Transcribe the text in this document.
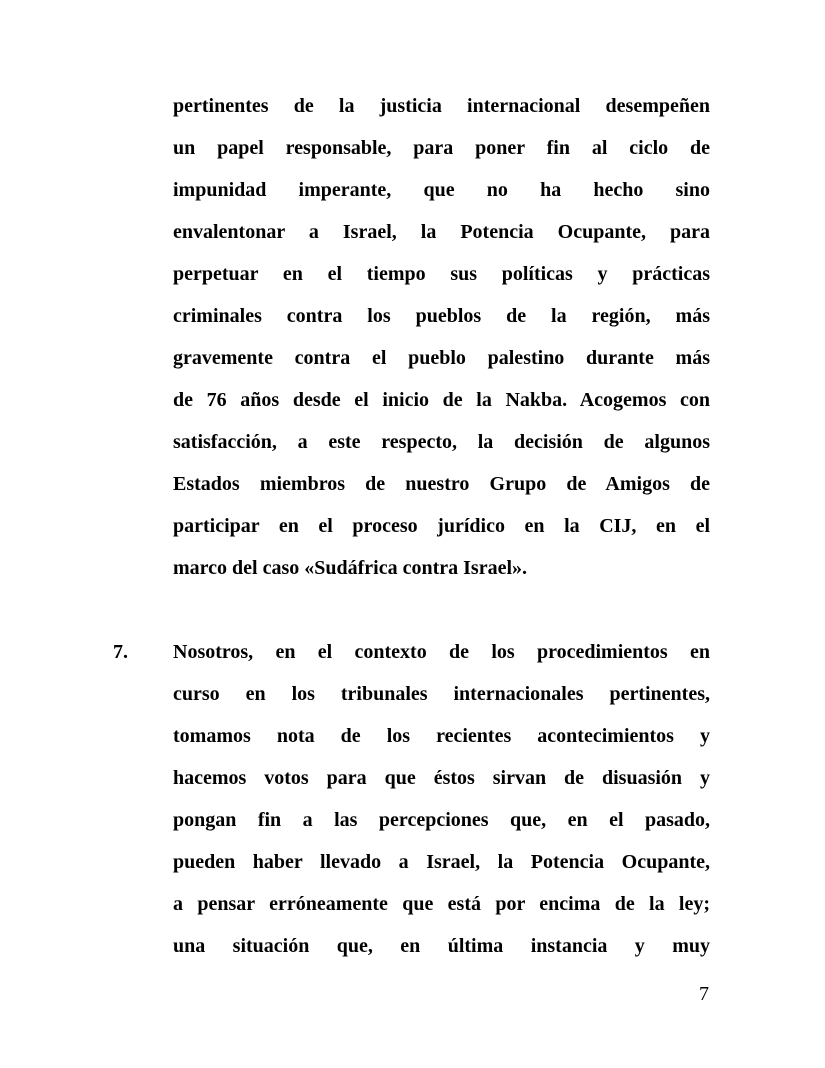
pertinentes de la justicia internacional desempeñen
un papel responsable, para poner fin al ciclo de
impunidad imperante, que no ha hecho sino
envalentonar a Israel, la Potencia Ocupante, para
perpetuar en el tiempo sus políticas y prácticas
criminales contra los pueblos de la región, más
gravemente contra el pueblo palestino durante más
de 76 años desde el inicio de la Nakba. Acogemos con
satisfacción, a este respecto, la decisión de algunos
Estados miembros de nuestro Grupo de Amigos de
participar en el proceso jurídico en la CIJ, en el
marco del caso «Sudáfrica contra Israel».
7. Nosotros, en el contexto de los procedimientos en
curso en los tribunales internacionales pertinentes,
tomamos nota de los recientes acontecimientos y
hacemos votos para que éstos sirvan de disuasión y
pongan fin a las percepciones que, en el pasado,
pueden haber llevado a Israel, la Potencia Ocupante,
a pensar erróneamente que está por encima de la ley;
una situación que, en última instancia y muy
7
